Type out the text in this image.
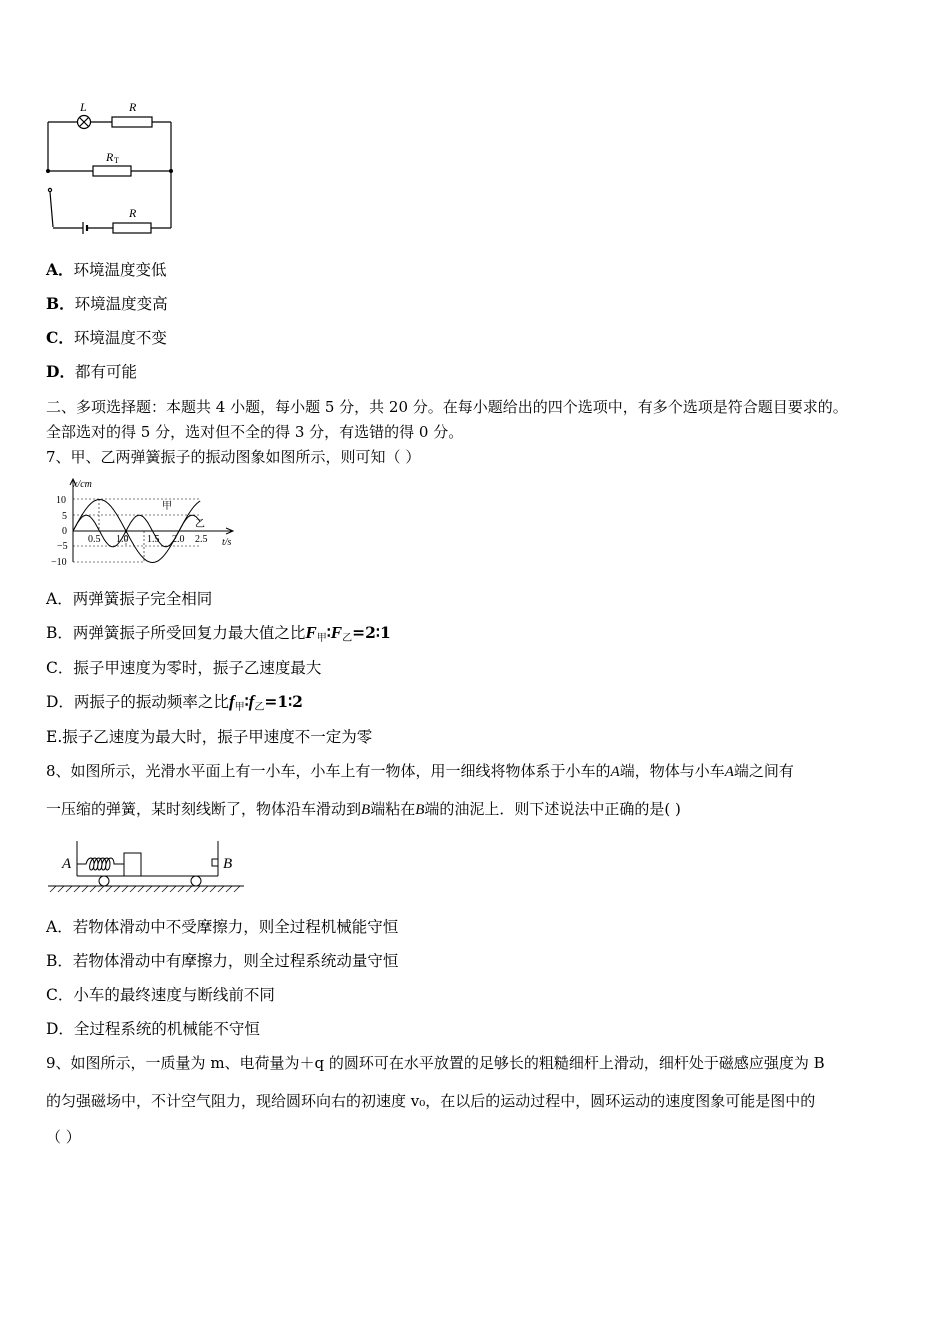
L	R
R T
R
A．环境温度变低
B．环境温度变高
C．环境温度不变
D．都有可能
二、多项选择题：本题共 4 小题，每小题 5 分，共 20 分。在每小题给出的四个选项中，有多个选项是符合题目要求的。
全部选对的得 5 分，选对但不全的得 3 分，有选错的得 0 分。
7、甲、乙两弹簧振子的振动图象如图所示，则可知（ ）
x/cm
t/s
10
5
0
−5
−10
0.5 1.0 1.5 2.0 2.5
甲
乙
A．两弹簧振子完全相同
B．两弹簧振子所受回复力最大值之比$F_甲∶F_乙=2∶1$
C．振子甲速度为零时，振子乙速度最大
D．两振子的振动频率之比$f_甲∶f_乙=1∶2$
E.振子乙速度为最大时，振子甲速度不一定为零
8、如图所示，光滑水平面上有一小车，小车上有一物体，用一细线将物体系于小车的A端，物体与小车A端之间有
一压缩的弹簧，某时刻线断了，物体沿车滑动到B端粘在B端的油泥上．则下述说法中正确的是( )
A	B
A．若物体滑动中不受摩擦力，则全过程机械能守恒
B．若物体滑动中有摩擦力，则全过程系统动量守恒
C．小车的最终速度与断线前不同
D．全过程系统的机械能不守恒
9、如图所示，一质量为 m、电荷量为＋q 的圆环可在水平放置的足够长的粗糙细杆上滑动，细杆处于磁感应强度为 B
的匀强磁场中，不计空气阻力，现给圆环向右的初速度 v₀，在以后的运动过程中，圆环运动的速度图象可能是图中的
（ ）
